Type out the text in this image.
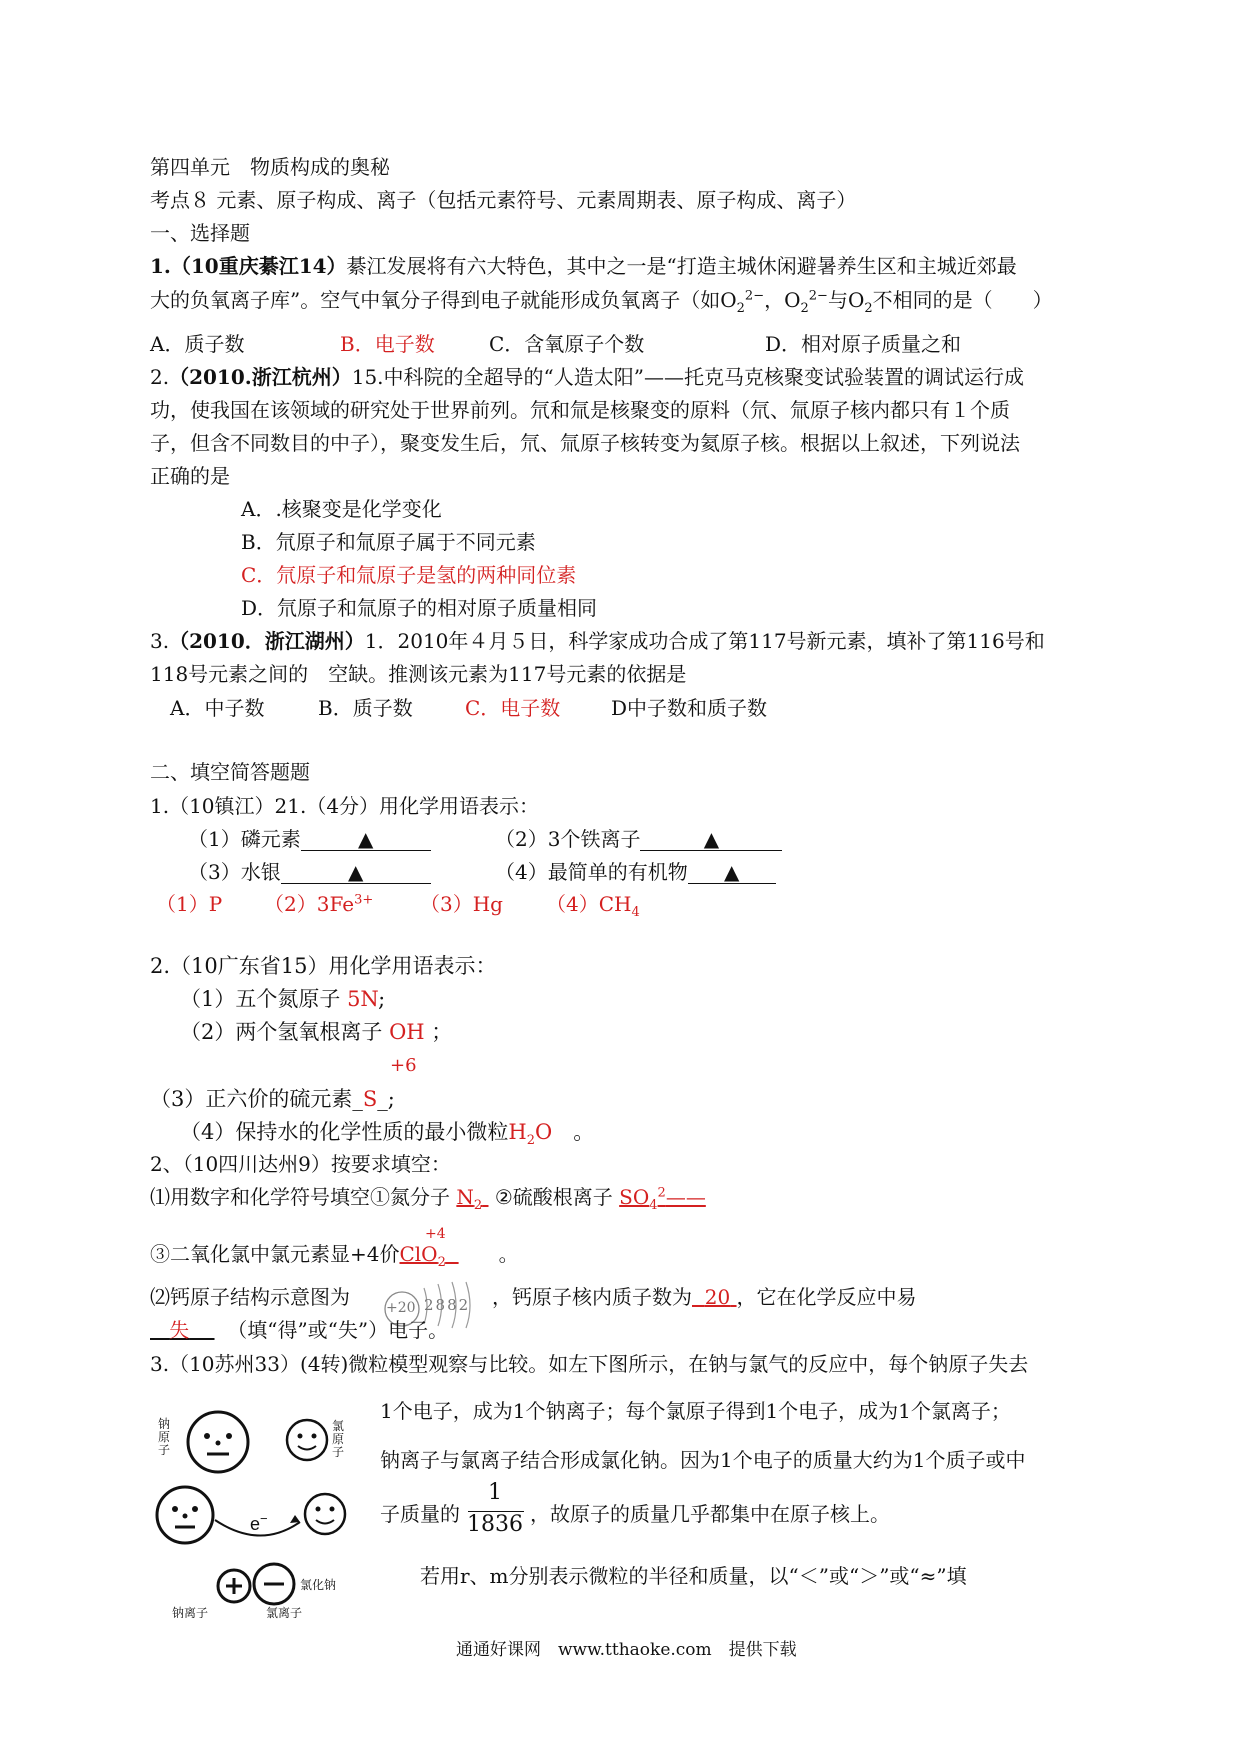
第四单元　物质构成的奥秘
考点８ 元素、原子构成、离子（包括元素符号、元素周期表、原子构成、离子）
一、选择题
1.（10重庆綦江14）綦江发展将有六大特色，其中之一是“打造主城休闲避暑养生区和主城近郊最
大的负氧离子库”。空气中氧分子得到电子就能形成负氧离子（如$O_2^{2-}$，$O_2^{2-}$与$O_2$不相同的是（　　）
A．质子数	B．电子数	C．含氧原子个数	D．相对原子质量之和
2.（2010.浙江杭州）15.中科院的全超导的“人造太阳”——托克马克核聚变试验装置的调试运行成
功，使我国在该领域的研究处于世界前列。氘和氚是核聚变的原料（氘、氚原子核内都只有１个质
子，但含不同数目的中子），聚变发生后，氘、氚原子核转变为氦原子核。根据以上叙述，下列说法
正确的是
A．.核聚变是化学变化
B．氘原子和氚原子属于不同元素
C．氘原子和氚原子是氢的两种同位素
D．氘原子和氚原子的相对原子质量相同
3.（2010．浙江湖州）1．2010年４月５日，科学家成功合成了第117号新元素，填补了第116号和
118号元素之间的　空缺。推测该元素为117号元素的依据是
A．中子数	B．质子数	C．电子数	D中子数和质子数
二、填空简答题题
1.（10镇江）21.（4分）用化学用语表示：
（1）磷元素	▲	（2）3个铁离子	▲
（3）水银	▲	（4）最简单的有机物 ▲
（1）P $(2)3Fe^{3+}$ （3）Hg $(4)CH_4$
2.（10广东省15）用化学用语表示：
（1）五个氮原子 5N;
（2）两个氢氧根离子 OH ；
+6
（3）正六价的硫元素_S_;
（4）保持水的化学性质的最小微粒$H_2O$　 。
2、（10四川达州9）按要求填空：
⑴用数字和化学符号填空①氮分子 $N_2$ ②硫酸根离子 $SO_4^2——$
+4
③二氧化氯中氯元素显+4价ClO$_2$  　　	。
⑵钙原子结构示意图为	+20 2882 ，钙原子核内质子数为 20 ，它在化学反应中易
失 （填“得”或“失”）电子。
3.（10苏州33）(4转)微粒模型观察与比较。如左下图所示，在钠与氯气的反应中，每个钠原子失去
1个电子，成为1个钠离子；每个氯原子得到1个电子，成为1个氯离子；
钠离子与氯离子结合形成氯化钠。因为1个电子的质量大约为1个质子或中
子质量的
1
1836 ，故原子的质量几乎都集中在原子核上。
若用r、m分别表示微粒的半径和质量，以“＜”或“＞”或“≈”填
钠原子
氯原子
e−
氯化钠
钠离子	氯离子
通通好课网　www.tthaoke.com　提供下载
